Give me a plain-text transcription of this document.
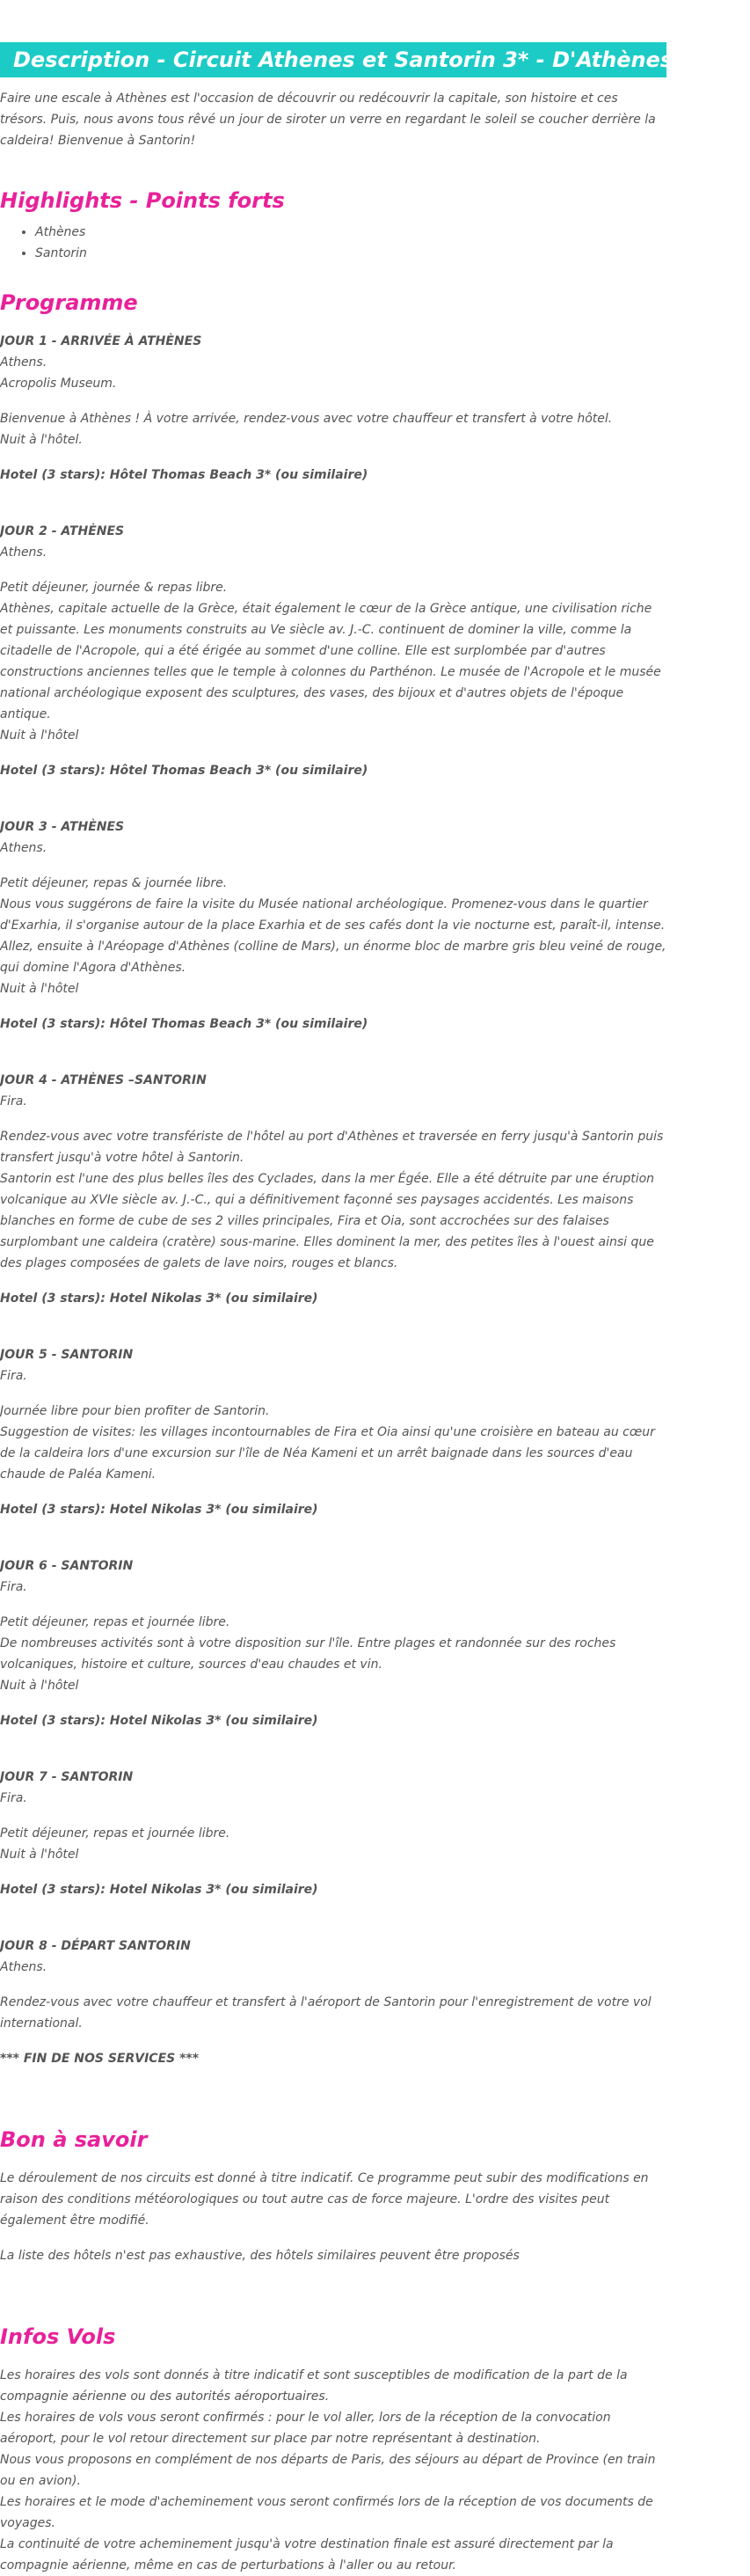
Description - Circuit Athenes et Santorin 3* - D'Athènes A Fira

Faire une escale à Athènes est l'occasion de découvrir ou redécouvrir la capitale, son histoire et ces trésors. Puis, nous avons tous rêvé un jour de siroter un verre en regardant le soleil se coucher derrière la caldeira! Bienvenue à Santorin!

Highlights - Points forts
• Athènes
• Santorin
Programme

JOUR 1 - ARRIVÉE À ATHÈNES

Athens.

Acropolis Museum.

Bienvenue à Athènes ! À votre arrivée, rendez-vous avec votre chauffeur et transfert à votre hôtel.

Nuit à l'hôtel.

Hotel (3 stars): Hôtel Thomas Beach 3* (ou similaire)

JOUR 2 - ATHÈNES

Athens.

Petit déjeuner, journée & repas libre.

Athènes, capitale actuelle de la Grèce, était également le cœur de la Grèce antique, une civilisation riche et puissante. Les monuments construits au Ve siècle av. J.-C. continuent de dominer la ville, comme la citadelle de l'Acropole, qui a été érigée au sommet d'une colline. Elle est surplombée par d'autres constructions anciennes telles que le temple à colonnes du Parthénon. Le musée de l'Acropole et le musée national archéologique exposent des sculptures, des vases, des bijoux et d'autres objets de l'époque antique.

Nuit à l'hôtel

Hotel (3 stars): Hôtel Thomas Beach 3* (ou similaire)

JOUR 3 - ATHÈNES

Athens.

Petit déjeuner, repas & journée libre.

Nous vous suggérons de faire la visite du Musée national archéologique. Promenez-vous dans le quartier d'Exarhia, il s'organise autour de la place Exarhia et de ses cafés dont la vie nocturne est, paraît-il, intense. Allez, ensuite à l'Aréopage d'Athènes (colline de Mars), un énorme bloc de marbre gris bleu veiné de rouge, qui domine l'Agora d'Athènes.

Nuit à l'hôtel

Hotel (3 stars): Hôtel Thomas Beach 3* (ou similaire)

JOUR 4 - ATHÈNES –SANTORIN

Fira.

Rendez-vous avec votre transfériste de l'hôtel au port d'Athènes et traversée en ferry jusqu'à Santorin puis transfert jusqu'à votre hôtel à Santorin.

Santorin est l'une des plus belles îles des Cyclades, dans la mer Égée. Elle a été détruite par une éruption volcanique au XVIe siècle av. J.-C., qui a définitivement façonné ses paysages accidentés. Les maisons blanches en forme de cube de ses 2 villes principales, Fira et Oia, sont accrochées sur des falaises surplombant une caldeira (cratère) sous-marine. Elles dominent la mer, des petites îles à l'ouest ainsi que des plages composées de galets de lave noirs, rouges et blancs.

Hotel (3 stars): Hotel Nikolas 3* (ou similaire)

JOUR 5 - SANTORIN

Fira.

Journée libre pour bien profiter de Santorin.

Suggestion de visites: les villages incontournables de Fira et Oia ainsi qu'une croisière en bateau au cœur de la caldeira lors d'une excursion sur l'île de Néa Kameni et un arrêt baignade dans les sources d'eau chaude de Paléa Kameni.

Hotel (3 stars): Hotel Nikolas 3* (ou similaire)

JOUR 6 - SANTORIN

Fira.

Petit déjeuner, repas et journée libre.

De nombreuses activités sont à votre disposition sur l'île. Entre plages et randonnée sur des roches volcaniques, histoire et culture, sources d'eau chaudes et vin.

Nuit à l'hôtel

Hotel (3 stars): Hotel Nikolas 3* (ou similaire)

JOUR 7 - SANTORIN

Fira.

Petit déjeuner, repas et journée libre.

Nuit à l'hôtel

Hotel (3 stars): Hotel Nikolas 3* (ou similaire)

JOUR 8 - DÉPART SANTORIN

Athens.

Rendez-vous avec votre chauffeur et transfert à l'aéroport de Santorin pour l'enregistrement de votre vol international.

*** FIN DE NOS SERVICES ***

Bon à savoir

Le déroulement de nos circuits est donné à titre indicatif. Ce programme peut subir des modifications en raison des conditions météorologiques ou tout autre cas de force majeure. L'ordre des visites peut également être modifié.

La liste des hôtels n'est pas exhaustive, des hôtels similaires peuvent être proposés

Infos Vols

Les horaires des vols sont donnés à titre indicatif et sont susceptibles de modification de la part de la compagnie aérienne ou des autorités aéroportuaires.

Les horaires de vols vous seront confirmés : pour le vol aller, lors de la réception de la convocation aéroport, pour le vol retour directement sur place par notre représentant à destination.

Nous vous proposons en complément de nos départs de Paris, des séjours au départ de Province (en train ou en avion).

Les horaires et le mode d'acheminement vous seront confirmés lors de la réception de vos documents de voyages.

La continuité de votre acheminement jusqu'à votre destination finale est assuré directement par la compagnie aérienne, même en cas de perturbations à l'aller ou au retour.
